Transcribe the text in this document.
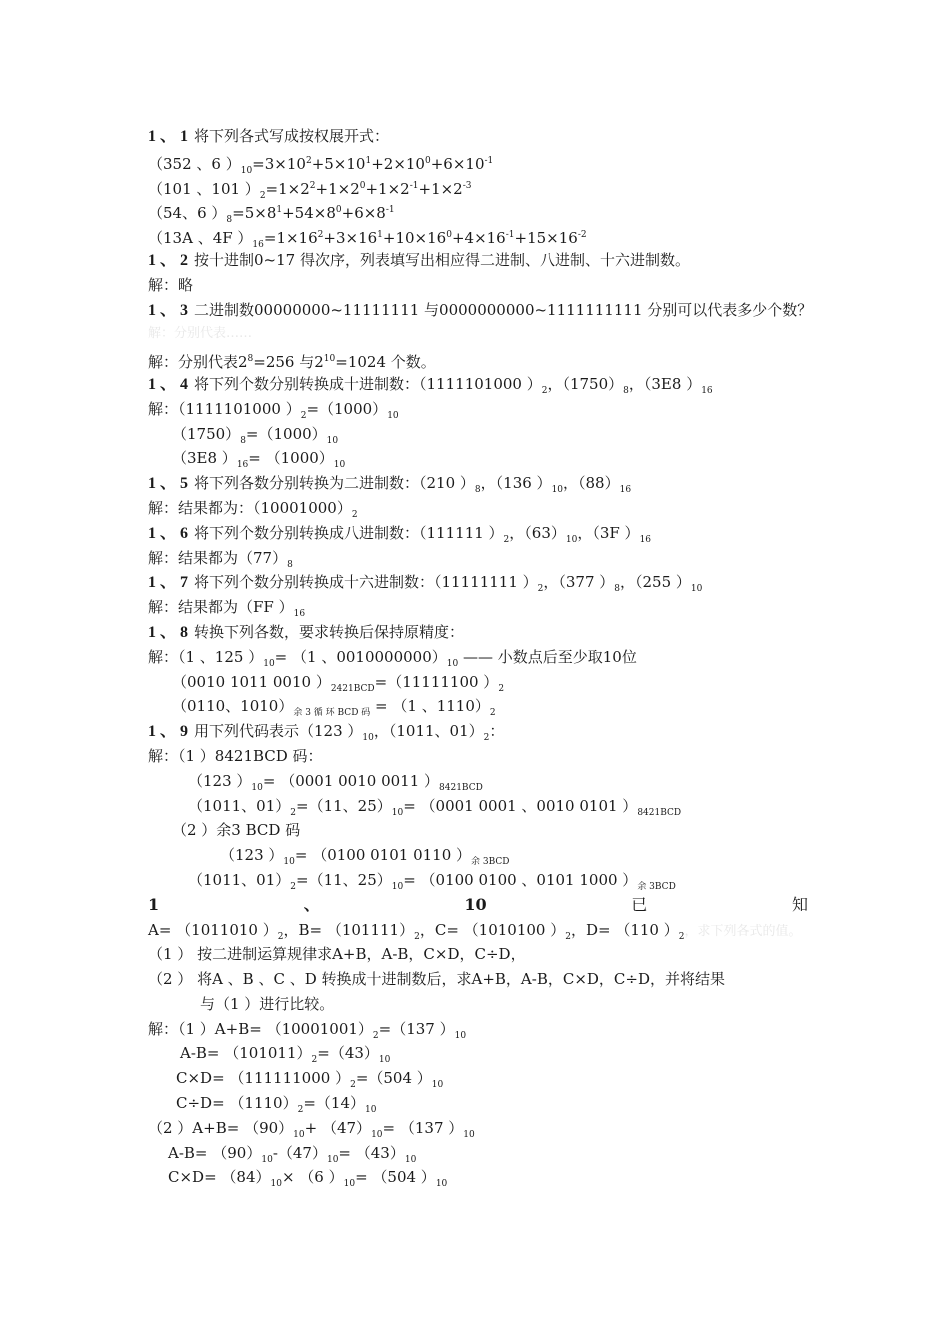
1 、 1 将下列各式写成按权展开式：
（352 、6 ）$_{10}=3\times 10^2+5\times 10^1+2\times 10^0+6\times 10^{-1}$
（101 、101 ）$_2=1\times 2^2+1\times 2^0+1\times 2^{-1}+1\times 2^{-3}$
（54、6 ）$_8=5\times 8^1+54\times 8^0+6\times 8^{-1}$
（13A 、4F ）$_{16}=1\times 16^2+3\times 16^1+10\times 16^0+4\times 16^{-1}+15\times 16^{-2}$
1 、 2 按十进制0~17 得次序，列表填写出相应得二进制、八进制、十六进制数。
解：略
1 、 3 二进制数00000000~11111111 与0000000000~1111111111 分别可以代表多少个数？
解：分别代表……
解：分别代表$2^8=256$ 与$2^{10}=1024$ 个数。
1 、 4 将下列个数分别转换成十进制数：（1111101000 ）$_2$，$(1750)_8$，（3E8 ）$_{16}$
解：（1111101000 ）$_2=(1000)_{10}$
$(1750)_8=(1000)_{10}$
（3E8 ）$_{16}= (1000)_{10}$
1 、 5 将下列各数分别转换为二进制数：（210 ）$_8$，（136 ）$_{10}$，$(88)_{16}$
解：结果都为：$(10001000)_2$
1 、 6 将下列个数分别转换成八进制数：（111111 ）$_2$，$(63)_{10}$，（3F ）$_{16}$
解：结果都为$(77)_8$
1 、 7 将下列个数分别转换成十六进制数：（11111111 ）$_2$，（377 ）$_8$，（255 ）$_{10}$
解：结果都为（FF ）$_{16}$
1 、 8 转换下列各数，要求转换后保持原精度：
解：（1 、125 ）$_{10}= (1$ 、$0010000000)_{10}$ —— 小数点后至少取10位
（0010 1011 0010 ）$_{2421BCD}=(11111100$ ）$_2$
（0110、$1010)_{余 3 循 环 BCD 码} = (1$ 、$1110)_2$
1 、 9 用下列代码表示（123 ）$_{10}$，（1011、$01)_2$：
解：（1 ）8421BCD 码：
（123 ）$_{10}= (0001$ 0010 0011 ）$_{8421BCD}$
（1011、$01)_2=(11$、$25)_{10}= (0001$ 0001 、0010 0101 ）$_{8421BCD}$
（2 ）余3 BCD 码
（123 ）$_{10}= (0100$ 0101 0110 ）$_{余 3BCD}$
（1011、$01)_2=(11$、$25)_{10}= (0100$ 0100 、0101 1000 ）$_{余 3BCD}$
1	、	10	已	知
A= （1011010 ）$_2$，$B= (101111)_2$，C= （1010100 ）$_2$，D= （110 ）$_2$，求下列各式的值。
（1 ） 按二进制运算规律求A+B，A-B，C×D，C÷D，
（2 ） 将A 、B 、C 、D 转换成十进制数后，求A+B，A-B，C×D，C÷D，并将结果
与（1 ）进行比较。
解：（1 ）$A+B= (10001001)_2=(137$ ）$_{10}$
$A-B= (101011)_2=(43)_{10}$
C×D= （111111000 ）$_2=(504$ ）$_{10}$
$C\div D= (1110)_2=(14)_{10}$
（2 ）$A+B= (90)_{10}+ (47)_{10}= (137$ ）$_{10}$
$A-B= (90)_{10}-(47)_{10}= (43)_{10}$
$C\times D= (84)_{10}\times (6$ ）$_{10}= (504$ ）$_{10}$
